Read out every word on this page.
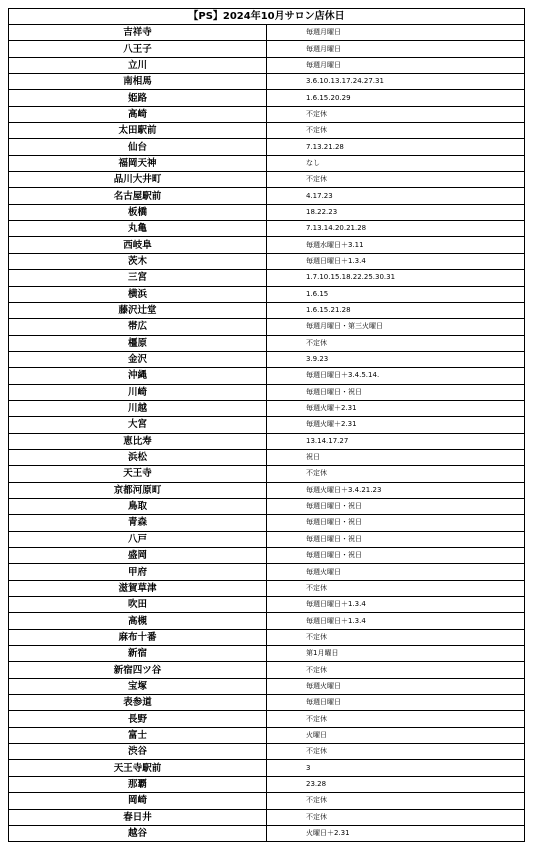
【PS】2024年10月サロン店休日	
吉祥寺	毎週月曜日
八王子	毎週月曜日
立川	毎週月曜日
南相馬	3.6.10.13.17.24.27.31
姫路	1.6.15.20.29
高崎	不定休
太田駅前	不定休
仙台	7.13.21.28
福岡天神	なし
品川大井町	不定休
名古屋駅前	4.17.23
板橋	18.22.23
丸亀	7.13.14.20.21.28
西岐阜	毎週水曜日＋3.11
茨木	毎週日曜日＋1.3.4
三宮	1.7.10.15.18.22.25.30.31
横浜	1.6.15
藤沢辻堂	1.6.15.21.28
帯広	毎週月曜日・第三火曜日
橿原	不定休
金沢	3.9.23
沖縄	毎週日曜日＋3.4.5.14.
川崎	毎週日曜日・祝日
川越	毎週火曜＋2.31
大宮	毎週火曜＋2.31
恵比寿	13.14.17.27
浜松	祝日
天王寺	不定休
京都河原町	毎週火曜日＋3.4.21.23
鳥取	毎週日曜日・祝日
青森	毎週日曜日・祝日
八戸	毎週日曜日・祝日
盛岡	毎週日曜日・祝日
甲府	毎週火曜日
滋賀草津	不定休
吹田	毎週日曜日＋1.3.4
高槻	毎週日曜日＋1.3.4
麻布十番	不定休
新宿	第1月曜日
新宿四ツ谷	不定休
宝塚	毎週火曜日
表参道	毎週日曜日
長野	不定休
富士	火曜日
渋谷	不定休
天王寺駅前	3
那覇	23.28
岡崎	不定休
春日井	不定休
越谷	火曜日＋2.31
